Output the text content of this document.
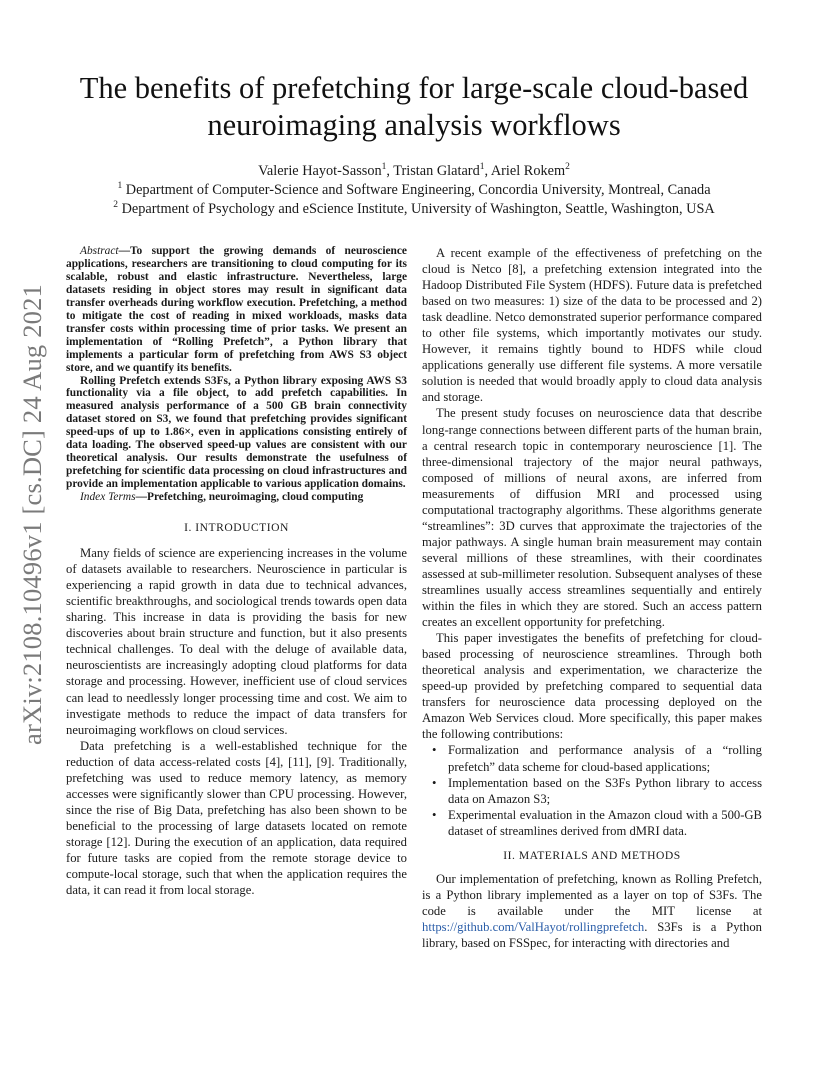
arXiv:2108.10496v1 [cs.DC] 24 Aug 2021
The benefits of prefetching for large-scale cloud-based neuroimaging analysis workflows
Valerie Hayot-Sasson$^1$, Tristan Glatard$^1$, Ariel Rokem$^2$
$^1$ Department of Computer-Science and Software Engineering, Concordia University, Montreal, Canada
$^2$ Department of Psychology and eScience Institute, University of Washington, Seattle, Washington, USA

Abstract—To support the growing demands of neuroscience applications, researchers are transitioning to cloud computing for its scalable, robust and elastic infrastructure. Nevertheless, large datasets residing in object stores may result in significant data transfer overheads during workflow execution. Prefetching, a method to mitigate the cost of reading in mixed workloads, masks data transfer costs within processing time of prior tasks. We present an implementation of “Rolling Prefetch”, a Python library that implements a particular form of prefetching from AWS S3 object store, and we quantify its benefits.

Rolling Prefetch extends S3Fs, a Python library exposing AWS S3 functionality via a file object, to add prefetch capabilities. In measured analysis performance of a 500 GB brain connectivity dataset stored on S3, we found that prefetching provides significant speed-ups of up to 1.86×, even in applications consisting entirely of data loading. The observed speed-up values are consistent with our theoretical analysis. Our results demonstrate the usefulness of prefetching for scientific data processing on cloud infrastructures and provide an implementation applicable to various application domains.

Index Terms—Prefetching, neuroimaging, cloud computing

I. INTRODUCTION

Many fields of science are experiencing increases in the volume of datasets available to researchers. Neuroscience in particular is experiencing a rapid growth in data due to technical advances, scientific breakthroughs, and sociological trends towards open data sharing. This increase in data is providing the basis for new discoveries about brain structure and function, but it also presents technical challenges. To deal with the deluge of available data, neuroscientists are increasingly adopting cloud platforms for data storage and processing. However, inefficient use of cloud services can lead to needlessly longer processing time and cost. We aim to investigate methods to reduce the impact of data transfers for neuroimaging workflows on cloud services.

Data prefetching is a well-established technique for the reduction of data access-related costs [4], [11], [9]. Traditionally, prefetching was used to reduce memory latency, as memory accesses were significantly slower than CPU processing. However, since the rise of Big Data, prefetching has also been shown to be beneficial to the processing of large datasets located on remote storage [12]. During the execution of an application, data required for future tasks are copied from the remote storage device to compute-local storage, such that when the application requires the data, it can read it from local storage.

A recent example of the effectiveness of prefetching on the cloud is Netco [8], a prefetching extension integrated into the Hadoop Distributed File System (HDFS). Future data is prefetched based on two measures: 1) size of the data to be processed and 2) task deadline. Netco demonstrated superior performance compared to other file systems, which importantly motivates our study. However, it remains tightly bound to HDFS while cloud applications generally use different file systems. A more versatile solution is needed that would broadly apply to cloud data analysis and storage.

The present study focuses on neuroscience data that describe long-range connections between different parts of the human brain, a central research topic in contemporary neuroscience [1]. The three-dimensional trajectory of the major neural pathways, composed of millions of neural axons, are inferred from measurements of diffusion MRI and processed using computational tractography algorithms. These algorithms generate “streamlines”: 3D curves that approximate the trajectories of the major pathways. A single human brain measurement may contain several millions of these streamlines, with their coordinates assessed at sub-millimeter resolution. Subsequent analyses of these streamlines usually access streamlines sequentially and entirely within the files in which they are stored. Such an access pattern creates an excellent opportunity for prefetching.

This paper investigates the benefits of prefetching for cloud-based processing of neuroscience streamlines. Through both theoretical analysis and experimentation, we characterize the speed-up provided by prefetching compared to sequential data transfers for neuroscience data processing deployed on the Amazon Web Services cloud. More specifically, this paper makes the following contributions:

• Formalization and performance analysis of a “rolling prefetch” data scheme for cloud-based applications;
• Implementation based on the S3Fs Python library to access data on Amazon S3;
• Experimental evaluation in the Amazon cloud with a 500-GB dataset of streamlines derived from dMRI data.
II. MATERIALS AND METHODS

Our implementation of prefetching, known as Rolling Prefetch, is a Python library implemented as a layer on top of S3Fs. The code is available under the MIT license at https://github.com/ValHayot/rollingprefetch. S3Fs is a Python library, based on FSSpec, for interacting with directories and
